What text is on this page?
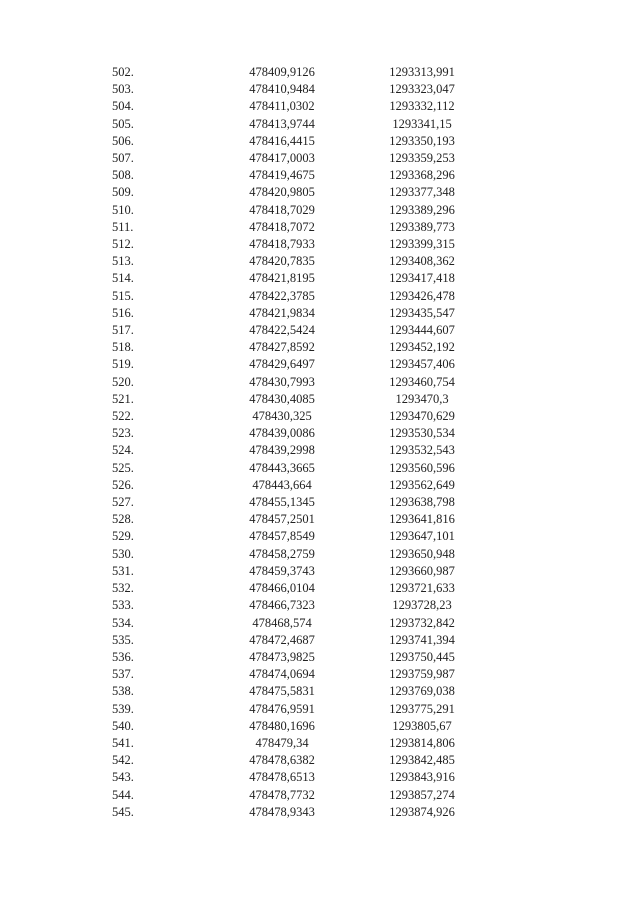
502.	478409,9126	1293313,991
503.	478410,9484	1293323,047
504.	478411,0302	1293332,112
505.	478413,9744	1293341,15
506.	478416,4415	1293350,193
507.	478417,0003	1293359,253
508.	478419,4675	1293368,296
509.	478420,9805	1293377,348
510.	478418,7029	1293389,296
511.	478418,7072	1293389,773
512.	478418,7933	1293399,315
513.	478420,7835	1293408,362
514.	478421,8195	1293417,418
515.	478422,3785	1293426,478
516.	478421,9834	1293435,547
517.	478422,5424	1293444,607
518.	478427,8592	1293452,192
519.	478429,6497	1293457,406
520.	478430,7993	1293460,754
521.	478430,4085	1293470,3
522.	478430,325	1293470,629
523.	478439,0086	1293530,534
524.	478439,2998	1293532,543
525.	478443,3665	1293560,596
526.	478443,664	1293562,649
527.	478455,1345	1293638,798
528.	478457,2501	1293641,816
529.	478457,8549	1293647,101
530.	478458,2759	1293650,948
531.	478459,3743	1293660,987
532.	478466,0104	1293721,633
533.	478466,7323	1293728,23
534.	478468,574	1293732,842
535.	478472,4687	1293741,394
536.	478473,9825	1293750,445
537.	478474,0694	1293759,987
538.	478475,5831	1293769,038
539.	478476,9591	1293775,291
540.	478480,1696	1293805,67
541.	478479,34	1293814,806
542.	478478,6382	1293842,485
543.	478478,6513	1293843,916
544.	478478,7732	1293857,274
545.	478478,9343	1293874,926
